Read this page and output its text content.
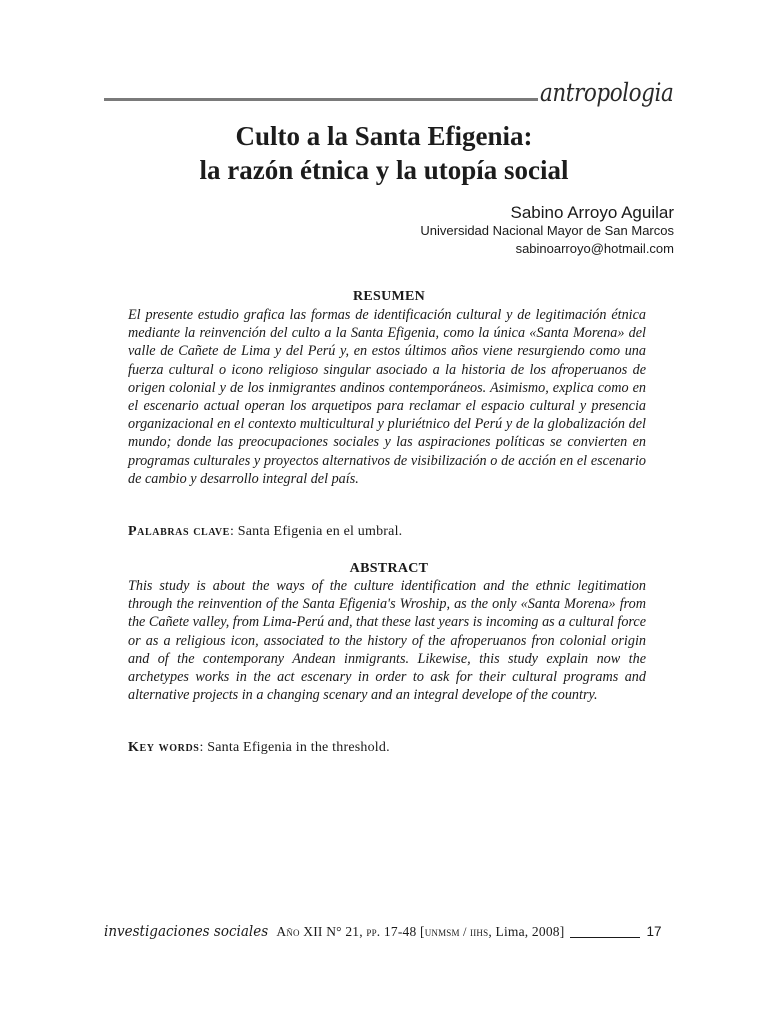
antropologia
Culto a la Santa Efigenia:
la razón étnica y la utopía social
Sabino Arroyo Aguilar
Universidad Nacional Mayor de San Marcos
sabinoarroyo@hotmail.com
RESUMEN
El presente estudio grafica las formas de identificación cultural y de legitimación étnica mediante la reinvención del culto a la Santa Efigenia, como la única «Santa Morena» del valle de Cañete de Lima y del Perú y, en estos últimos años viene resurgiendo como una fuerza cultural o icono religioso singular asociado a la historia de los afroperuanos de origen colonial y de los inmigrantes andinos contemporáneos. Asimismo, explica como en el escenario actual operan los arquetipos para reclamar el espacio cultural y presencia organizacional en el contexto multicultural y pluriétnico del Perú y de la globalización del mundo; donde las preocupaciones sociales y las aspiraciones políticas se convierten en programas culturales y proyectos alternativos de visibilización o de acción en el escenario de cambio y desarrollo integral del país.
Palabras clave: Santa Efigenia en el umbral.
ABSTRACT
This study is about the ways of the culture identification and the ethnic legitimation through the reinvention of the Santa Efigenia's Wroship, as the only «Santa Morena» from the Cañete valley, from Lima-Perú and, that these last years is incoming as a cultural force or as a religious icon, associated to the history of the afroperuanos fron colonial origin and of the contemporany Andean inmigrants. Likewise, this study explain now the archetypes works in the act escenary in order to ask for their cultural programs and alternative projects in a changing scenary and an integral develope of the country.
Key words: Santa Efigenia in the threshold.
investigaciones sociales Año XII N° 21, pp. 17-48 [unmsm / iihs, Lima, 2008]	17
